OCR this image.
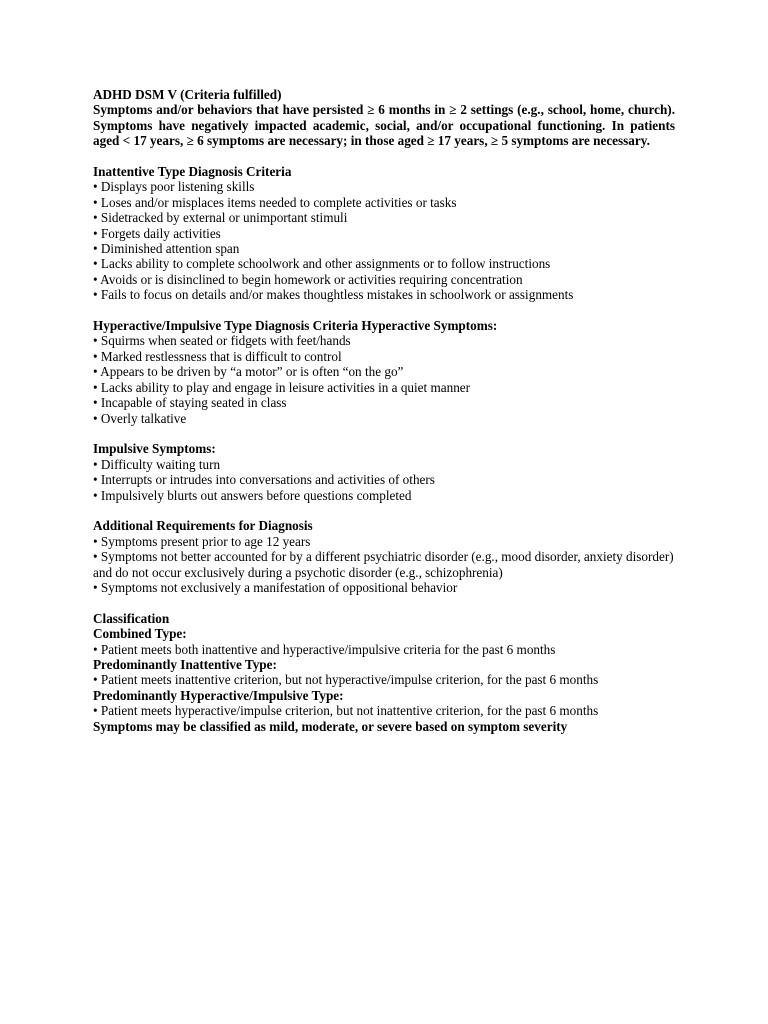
ADHD DSM V (Criteria fulfilled)
Symptoms and/or behaviors that have persisted ≥ 6 months in ≥ 2 settings (e.g., school, home, church). Symptoms have negatively impacted academic, social, and/or occupational functioning. In patients aged < 17 years, ≥ 6 symptoms are necessary; in those aged ≥ 17 years, ≥ 5 symptoms are necessary.
Inattentive Type Diagnosis Criteria
• Displays poor listening skills
• Loses and/or misplaces items needed to complete activities or tasks
• Sidetracked by external or unimportant stimuli
• Forgets daily activities
• Diminished attention span
• Lacks ability to complete schoolwork and other assignments or to follow instructions
• Avoids or is disinclined to begin homework or activities requiring concentration
• Fails to focus on details and/or makes thoughtless mistakes in schoolwork or assignments
Hyperactive/Impulsive Type Diagnosis Criteria Hyperactive Symptoms:
• Squirms when seated or fidgets with feet/hands
• Marked restlessness that is difficult to control
• Appears to be driven by “a motor” or is often “on the go”
• Lacks ability to play and engage in leisure activities in a quiet manner
• Incapable of staying seated in class
• Overly talkative
Impulsive Symptoms:
• Difficulty waiting turn
• Interrupts or intrudes into conversations and activities of others
• Impulsively blurts out answers before questions completed
Additional Requirements for Diagnosis
• Symptoms present prior to age 12 years
• Symptoms not better accounted for by a different psychiatric disorder (e.g., mood disorder, anxiety disorder) and do not occur exclusively during a psychotic disorder (e.g., schizophrenia)
• Symptoms not exclusively a manifestation of oppositional behavior
Classification
Combined Type:
• Patient meets both inattentive and hyperactive/impulsive criteria for the past 6 months
Predominantly Inattentive Type:
• Patient meets inattentive criterion, but not hyperactive/impulse criterion, for the past 6 months
Predominantly Hyperactive/Impulsive Type:
• Patient meets hyperactive/impulse criterion, but not inattentive criterion, for the past 6 months
Symptoms may be classified as mild, moderate, or severe based on symptom severity
